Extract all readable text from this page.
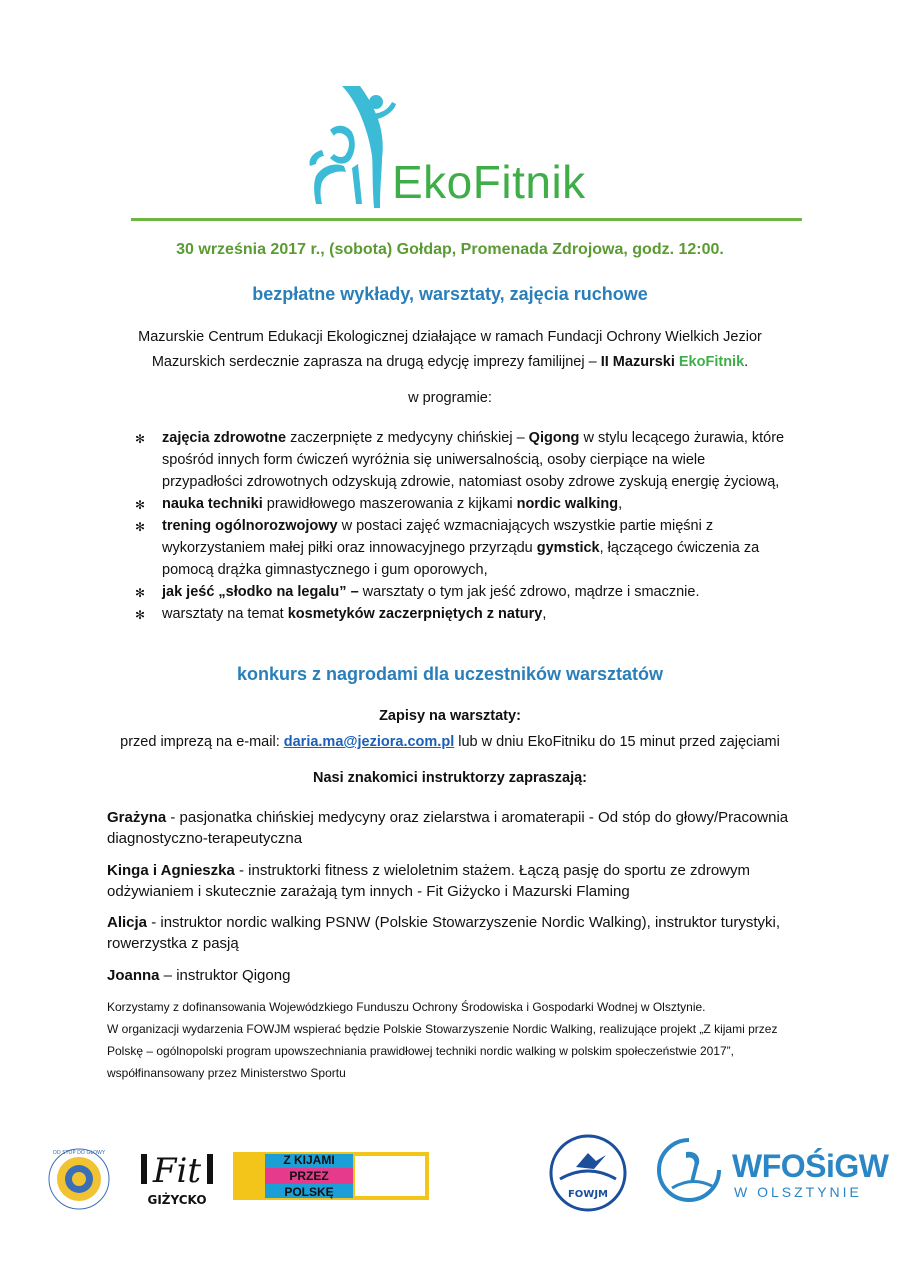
EkoFitnik
30 września 2017 r., (sobota) Gołdap, Promenada Zdrojowa, godz. 12:00.
bezpłatne wykłady, warsztaty, zajęcia ruchowe
Mazurskie Centrum Edukacji Ekologicznej działające w ramach Fundacji Ochrony Wielkich Jezior
Mazurskich serdecznie zaprasza na drugą edycję imprezy familijnej – II Mazurski EkoFitnik.
w programie:
✻ zajęcia zdrowotne zaczerpnięte z medycyny chińskiej – Qigong w stylu lecącego żurawia, które spośród innych form ćwiczeń wyróżnia się uniwersalnością, osoby cierpiące na wiele przypadłości zdrowotnych odzyskują zdrowie, natomiast osoby zdrowe zyskują energię życiową,
✻ nauka techniki prawidłowego maszerowania z kijkami nordic walking,
✻ trening ogólnorozwojowy w postaci zajęć wzmacniających wszystkie partie mięśni z wykorzystaniem małej piłki oraz innowacyjnego przyrządu gymstick, łączącego ćwiczenia za pomocą drążka gimnastycznego i gum oporowych,
✻ jak jeść „słodko na legalu” – warsztaty o tym jak jeść zdrowo, mądrze i smacznie.
✻ warsztaty na temat kosmetyków zaczerpniętych z natury,
konkurs z nagrodami dla uczestników warsztatów
Zapisy na warsztaty:
przed imprezą na e-mail: daria.ma@jeziora.com.pl lub w dniu EkoFitniku do 15 minut przed zajęciami
Nasi znakomici instruktorzy zapraszają:
Grażyna - pasjonatka chińskiej medycyny oraz zielarstwa i aromaterapii - Od stóp do głowy/Pracownia diagnostyczno-terapeutyczna
Kinga i Agnieszka - instruktorki fitness z wieloletnim stażem. Łączą pasję do sportu ze zdrowym odżywianiem i skutecznie zarażają tym innych - Fit Giżycko i Mazurski Flaming
Alicja - instruktor nordic walking PSNW (Polskie Stowarzyszenie Nordic Walking), instruktor turystyki, rowerzystka z pasją
Joanna – instruktor Qigong
Korzystamy z dofinansowania Wojewódzkiego Funduszu Ochrony Środowiska i Gospodarki Wodnej w Olsztynie.
W organizacji wydarzenia FOWJM wspierać będzie Polskie Stowarzyszenie Nordic Walking, realizujące projekt „Z kijami przez Polskę – ogólnopolski program upowszechniania prawidłowej techniki nordic walking w polskim społeczeństwie 2017”, współfinansowany przez Ministerstwo Sportu
OD STÓP DO GŁOWY Fit
GIŻYCKO
Z KIJAMI
PRZEZ
POLSKĘ	FOWJM
WFOŚiGW
W OLSZTYNIE
